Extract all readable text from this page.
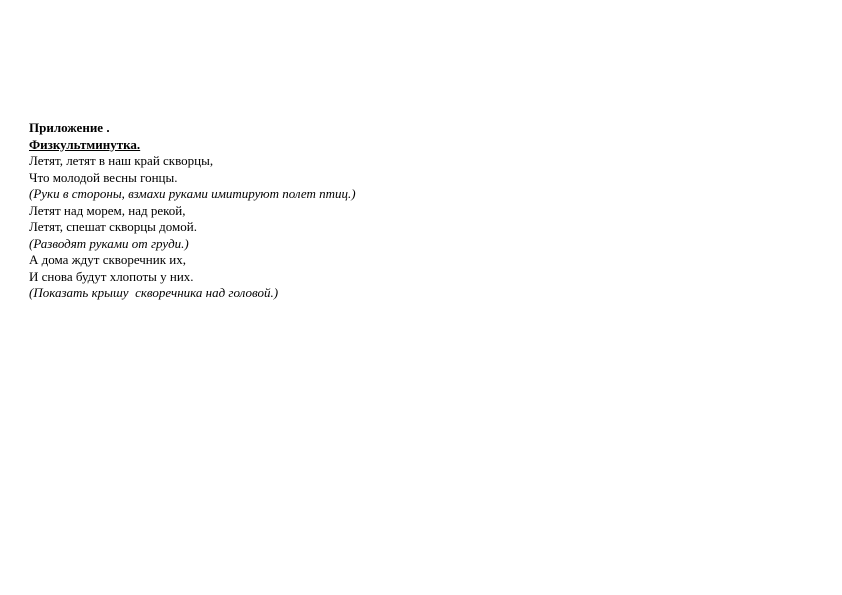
Приложение .
Физкультминутка.
Летят, летят в наш край скворцы,
Что молодой весны гонцы.
(Руки в стороны, взмахи руками имитируют полет птиц.)
Летят над морем, над рекой,
Летят, спешат скворцы домой.
(Разводят руками от груди.)
А дома ждут скворечник их,
И снова будут хлопоты у них.
(Показать крышу  скворечника над головой.)
